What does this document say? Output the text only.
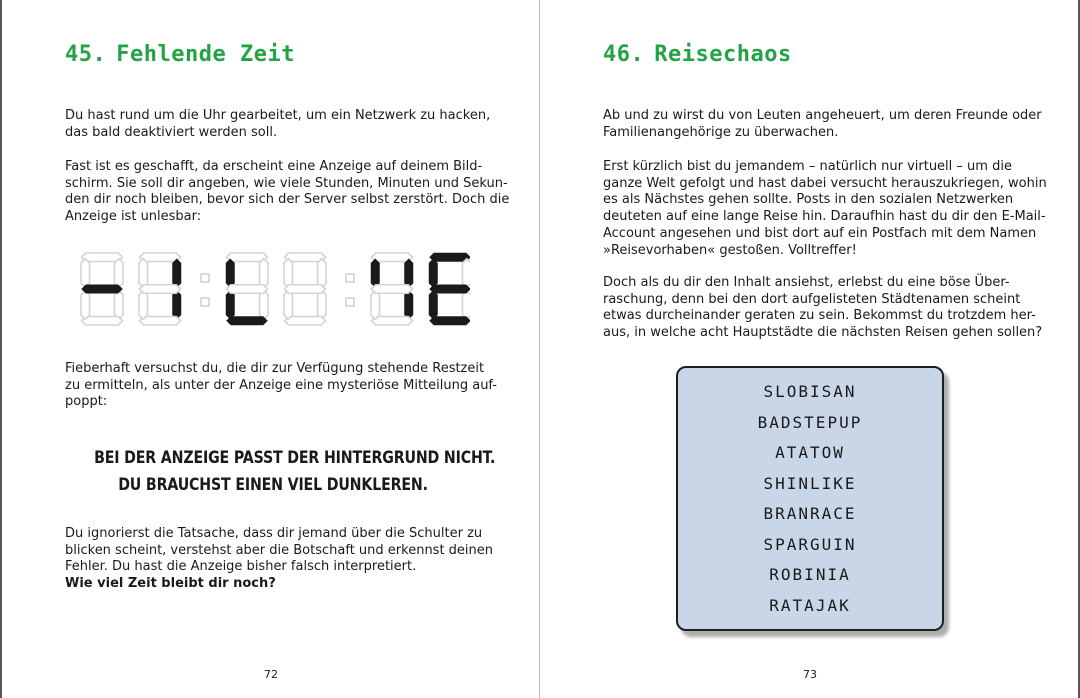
45. Fehlende Zeit

Du hast rund um die Uhr gearbeitet, um ein Netzwerk zu hacken,
das bald deaktiviert werden soll.

Fast ist es geschafft, da erscheint eine Anzeige auf deinem Bild-
schirm. Sie soll dir angeben, wie viele Stunden, Minuten und Sekun-
den dir noch bleiben, bevor sich der Server selbst zerstört. Doch die
Anzeige ist unlesbar:

Fieberhaft versuchst du, die dir zur Verfügung stehende Restzeit
zu ermitteln, als unter der Anzeige eine mysteriöse Mitteilung auf-
poppt:

BEI DER ANZEIGE PASST DER HINTERGRUND NICHT.
DU BRAUCHST EINEN VIEL DUNKLEREN.

Du ignorierst die Tatsache, dass dir jemand über die Schulter zu
blicken scheint, verstehst aber die Botschaft und erkennst deinen
Fehler. Du hast die Anzeige bisher falsch interpretiert.
Wie viel Zeit bleibt dir noch?

72
46. Reisechaos

Ab und zu wirst du von Leuten angeheuert, um deren Freunde oder
Familienangehörige zu überwachen.

Erst kürzlich bist du jemandem – natürlich nur virtuell – um die
ganze Welt gefolgt und hast dabei versucht herauszukriegen, wohin
es als Nächstes gehen sollte. Posts in den sozialen Netzwerken
deuteten auf eine lange Reise hin. Daraufhin hast du dir den E-Mail-
Account angesehen und bist dort auf ein Postfach mit dem Namen
»Reisevorhaben« gestoßen. Volltreffer!

Doch als du dir den Inhalt ansiehst, erlebst du eine böse Über-
raschung, denn bei den dort aufgelisteten Städtenamen scheint
etwas durcheinander geraten zu sein. Bekommst du trotzdem her-
aus, in welche acht Hauptstädte die nächsten Reisen gehen sollen?

SLOBISAN
BADSTEPUP
ATATOW
SHINLIKE
BRANRACE
SPARGUIN
ROBINIA
RATAJAK
73
